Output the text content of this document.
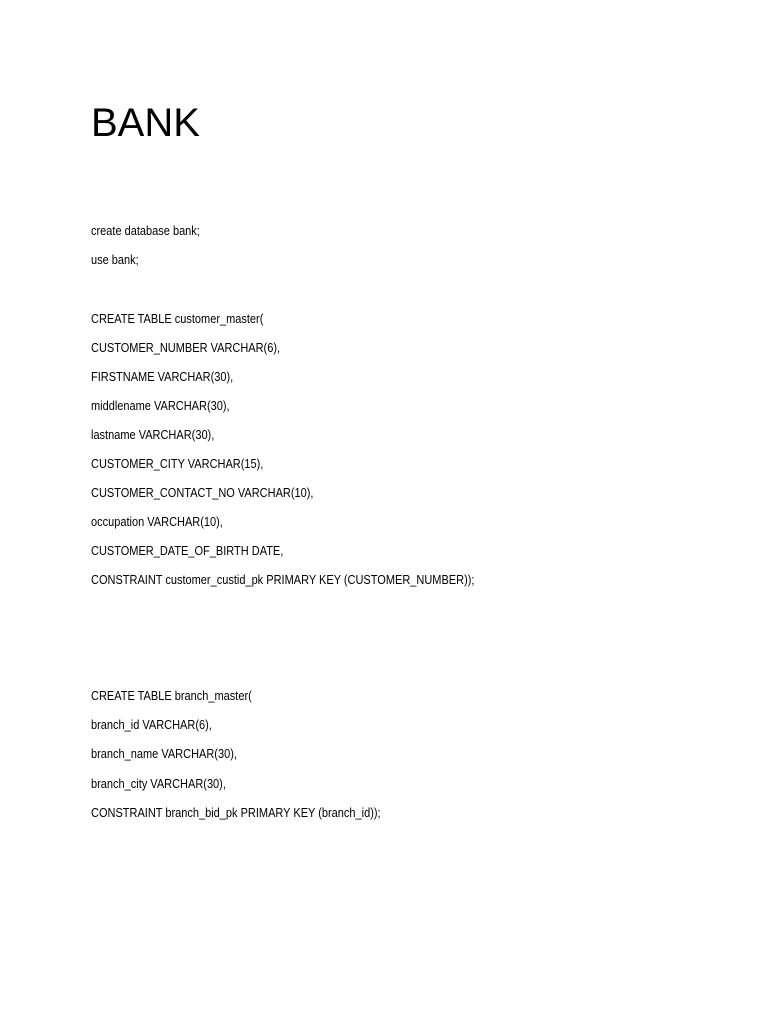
BANK

create database bank;

use bank;

CREATE TABLE customer_master(

CUSTOMER_NUMBER VARCHAR(6),

FIRSTNAME VARCHAR(30),

middlename VARCHAR(30),

lastname VARCHAR(30),

CUSTOMER_CITY VARCHAR(15),

CUSTOMER_CONTACT_NO VARCHAR(10),

occupation VARCHAR(10),

CUSTOMER_DATE_OF_BIRTH DATE,

CONSTRAINT customer_custid_pk PRIMARY KEY (CUSTOMER_NUMBER));

CREATE TABLE branch_master(

branch_id VARCHAR(6),

branch_name VARCHAR(30),

branch_city VARCHAR(30),

CONSTRAINT branch_bid_pk PRIMARY KEY (branch_id));
